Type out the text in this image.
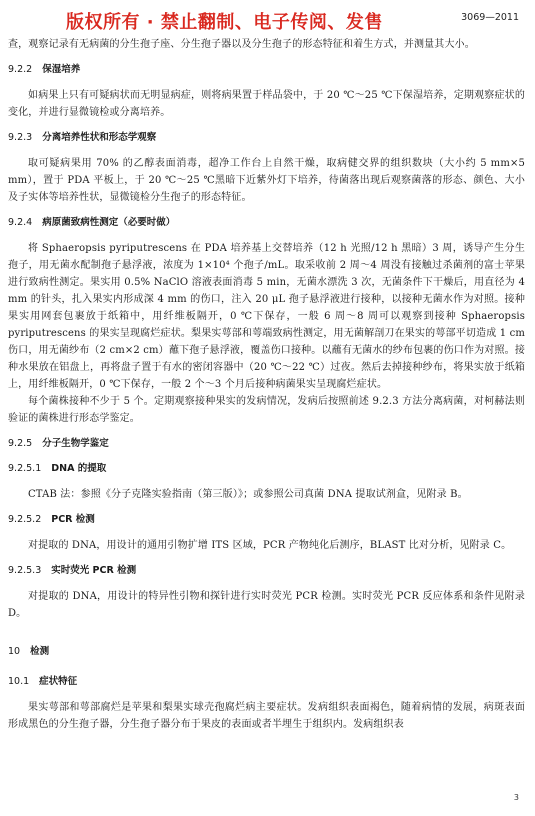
版权所有 · 禁止翻制、电子传阅、发售	3069—2011

查，观察记录有无病菌的分生孢子座、分生孢子器以及分生孢子的形态特征和着生方式，并测量其大小。

9.2.2 保湿培养

如病果上只有可疑病状而无明显病症，则将病果置于样品袋中，于 20 ℃～25 ℃下保湿培养，定期观察症状的变化，并进行显微镜检或分离培养。

9.2.3 分离培养性状和形态学观察

取可疑病果用 70% 的乙醇表面消毒，超净工作台上自然干燥，取病健交界的组织数块（大小约 5 mm×5 mm），置于 PDA 平板上，于 20 ℃～25 ℃黑暗下近紫外灯下培养，待菌落出现后观察菌落的形态、颜色、大小及子实体等培养性状，显微镜检分生孢子的形态特征。

9.2.4 病原菌致病性测定（必要时做）

将 Sphaeropsis pyriputrescens 在 PDA 培养基上交替培养（12 h 光照/12 h 黑暗）3 周，诱导产生分生孢子，用无菌水配制孢子悬浮液，浓度为 1×10⁴ 个孢子/mL。取采收前 2 周～4 周没有接触过杀菌剂的富士苹果进行致病性测定。果实用 0.5% NaClO 溶液表面消毒 5 min，无菌水漂洗 3 次，无菌条件下干燥后，用直径为 4 mm 的针头，扎入果实内形成深 4 mm 的伤口，注入 20 μL 孢子悬浮液进行接种，以接种无菌水作为对照。接种果实用网套包裹放于纸箱中，用纤维板隔开，0 ℃下保存，一般 6 周～8 周可以观察到接种 Sphaeropsis pyriputrescens 的果实呈现腐烂症状。梨果实萼部和萼端致病性测定，用无菌解剖刀在果实的萼部平切造成 1 cm 伤口，用无菌纱布（2 cm×2 cm）蘸下孢子悬浮液，覆盖伤口接种。以蘸有无菌水的纱布包裹的伤口作为对照。接种水果放在铝盘上，再将盘子置于有水的密闭容器中（20 ℃～22 ℃）过夜。然后去掉接种纱布，将果实放于纸箱上，用纤维板隔开，0 ℃下保存，一般 2 个～3 个月后接种病菌果实呈现腐烂症状。

每个菌株接种不少于 5 个。定期观察接种果实的发病情况，发病后按照前述 9.2.3 方法分离病菌，对柯赫法则验证的菌株进行形态学鉴定。

9.2.5 分子生物学鉴定

9.2.5.1 DNA 的提取

CTAB 法：参照《分子克隆实验指南（第三版）》；或参照公司真菌 DNA 提取试剂盒，见附录 B。

9.2.5.2 PCR 检测

对提取的 DNA，用设计的通用引物扩增 ITS 区域，PCR 产物纯化后测序，BLAST 比对分析，见附录 C。

9.2.5.3 实时荧光 PCR 检测

对提取的 DNA，用设计的特异性引物和探针进行实时荧光 PCR 检测。实时荧光 PCR 反应体系和条件见附录 D。

10 检测

10.1 症状特征

果实萼部和萼部腐烂是苹果和梨果实球壳孢腐烂病主要症状。发病组织表面褐色，随着病情的发展，病斑表面形成黑色的分生孢子器，分生孢子器分布于果皮的表面或者半埋生于组织内。发病组织表

3
